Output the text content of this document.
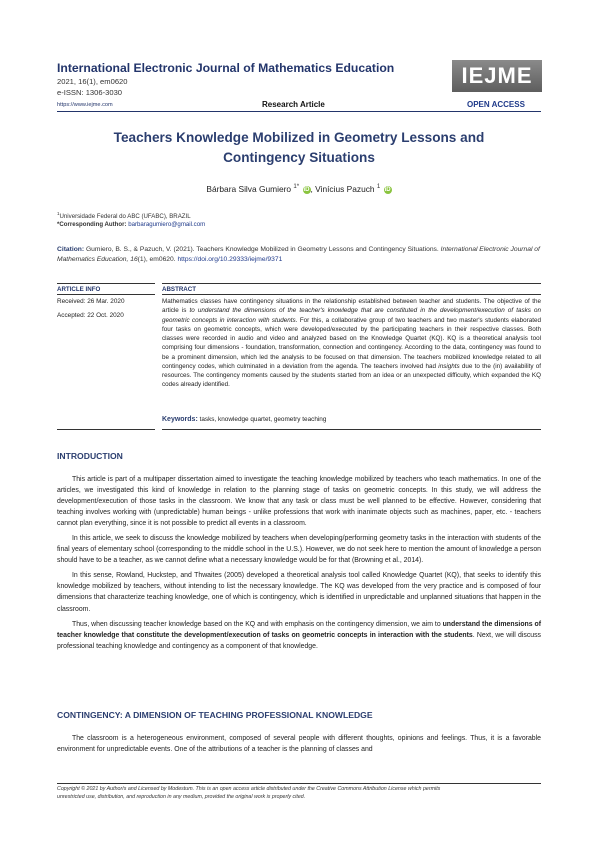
International Electronic Journal of Mathematics Education
2021, 16(1), em0620
e-ISSN: 1306-3030
https://www.iejme.com	Research Article	OPEN ACCESS
IEJME
Teachers Knowledge Mobilized in Geometry Lessons and
Contingency Situations
Bárbara Silva Gumiero $^{1*}$ iD, Vinícius Pazuch $^1$ iD
$^1$Universidade Federal do ABC (UFABC), BRAZIL
*Corresponding Author: barbaragumiero@gmail.com
Citation: Gumiero, B. S., & Pazuch, V. (2021). Teachers Knowledge Mobilized in Geometry Lessons and Contingency Situations. International Electronic Journal of Mathematics Education, 16(1), em0620. https://doi.org/10.29333/iejme/9371
ARTICLE INFO	ABSTRACT
Received: 26 Mar. 2020
Accepted: 22 Oct. 2020
Mathematics classes have contingency situations in the relationship established between teacher and students. The objective of the article is to understand the dimensions of the teacher's knowledge that are constituted in the development/execution of tasks on geometric concepts in interaction with students. For this, a collaborative group of two teachers and two master's students elaborated four tasks on geometric concepts, which were developed/executed by the participating teachers in their respective classes. Both classes were recorded in audio and video and analyzed based on the Knowledge Quartet (KQ). KQ is a theoretical analysis tool comprising four dimensions - foundation, transformation, connection and contingency. According to the data, contingency was found to be a prominent dimension, which led the analysis to be focused on that dimension. The teachers mobilized knowledge related to all contingency codes, which culminated in a deviation from the agenda. The teachers involved had insights due to the (in) availability of resources. The contingency moments caused by the students started from an idea or an unexpected difficulty, which expanded the KQ codes already identified.
Keywords: tasks, knowledge quartet, geometry teaching
INTRODUCTION

This article is part of a multipaper dissertation aimed to investigate the teaching knowledge mobilized by teachers who teach mathematics. In one of the articles, we investigated this kind of knowledge in relation to the planning stage of tasks on geometric concepts. In this study, we will address the development/execution of those tasks in the classroom. We know that any task or class must be well planned to be effective. However, considering that teaching involves working with (unpredictable) human beings - unlike professions that work with inanimate objects such as machines, paper, etc. - teachers cannot plan everything, since it is not possible to predict all events in a classroom.

In this article, we seek to discuss the knowledge mobilized by teachers when developing/performing geometry tasks in the interaction with students of the final years of elementary school (corresponding to the middle school in the U.S.). However, we do not seek here to mention the amount of knowledge a person should have to be a teacher, as we cannot define what a necessary knowledge would be for that (Browning et al., 2014).

In this sense, Rowland, Huckstep, and Thwaites (2005) developed a theoretical analysis tool called Knowledge Quartet (KQ), that seeks to identify this knowledge mobilized by teachers, without intending to list the necessary knowledge. The KQ was developed from the very practice and is composed of four dimensions that characterize teaching knowledge, one of which is contingency, which is identified in unpredictable and unplanned situations that happen in the classroom.

Thus, when discussing teacher knowledge based on the KQ and with emphasis on the contingency dimension, we aim to understand the dimensions of teacher knowledge that constitute the development/execution of tasks on geometric concepts in interaction with the students. Next, we will discuss professional teaching knowledge and contingency as a component of that knowledge.

CONTINGENCY: A DIMENSION OF TEACHING PROFESSIONAL KNOWLEDGE

The classroom is a heterogeneous environment, composed of several people with different thoughts, opinions and feelings. Thus, it is a favorable environment for unpredictable events. One of the attributions of a teacher is the planning of classes and

Copyright © 2021 by Author/s and Licensed by Modestum. This is an open access article distributed under the Creative Commons Attribution License which permits
unrestricted use, distribution, and reproduction in any medium, provided the original work is properly cited.
